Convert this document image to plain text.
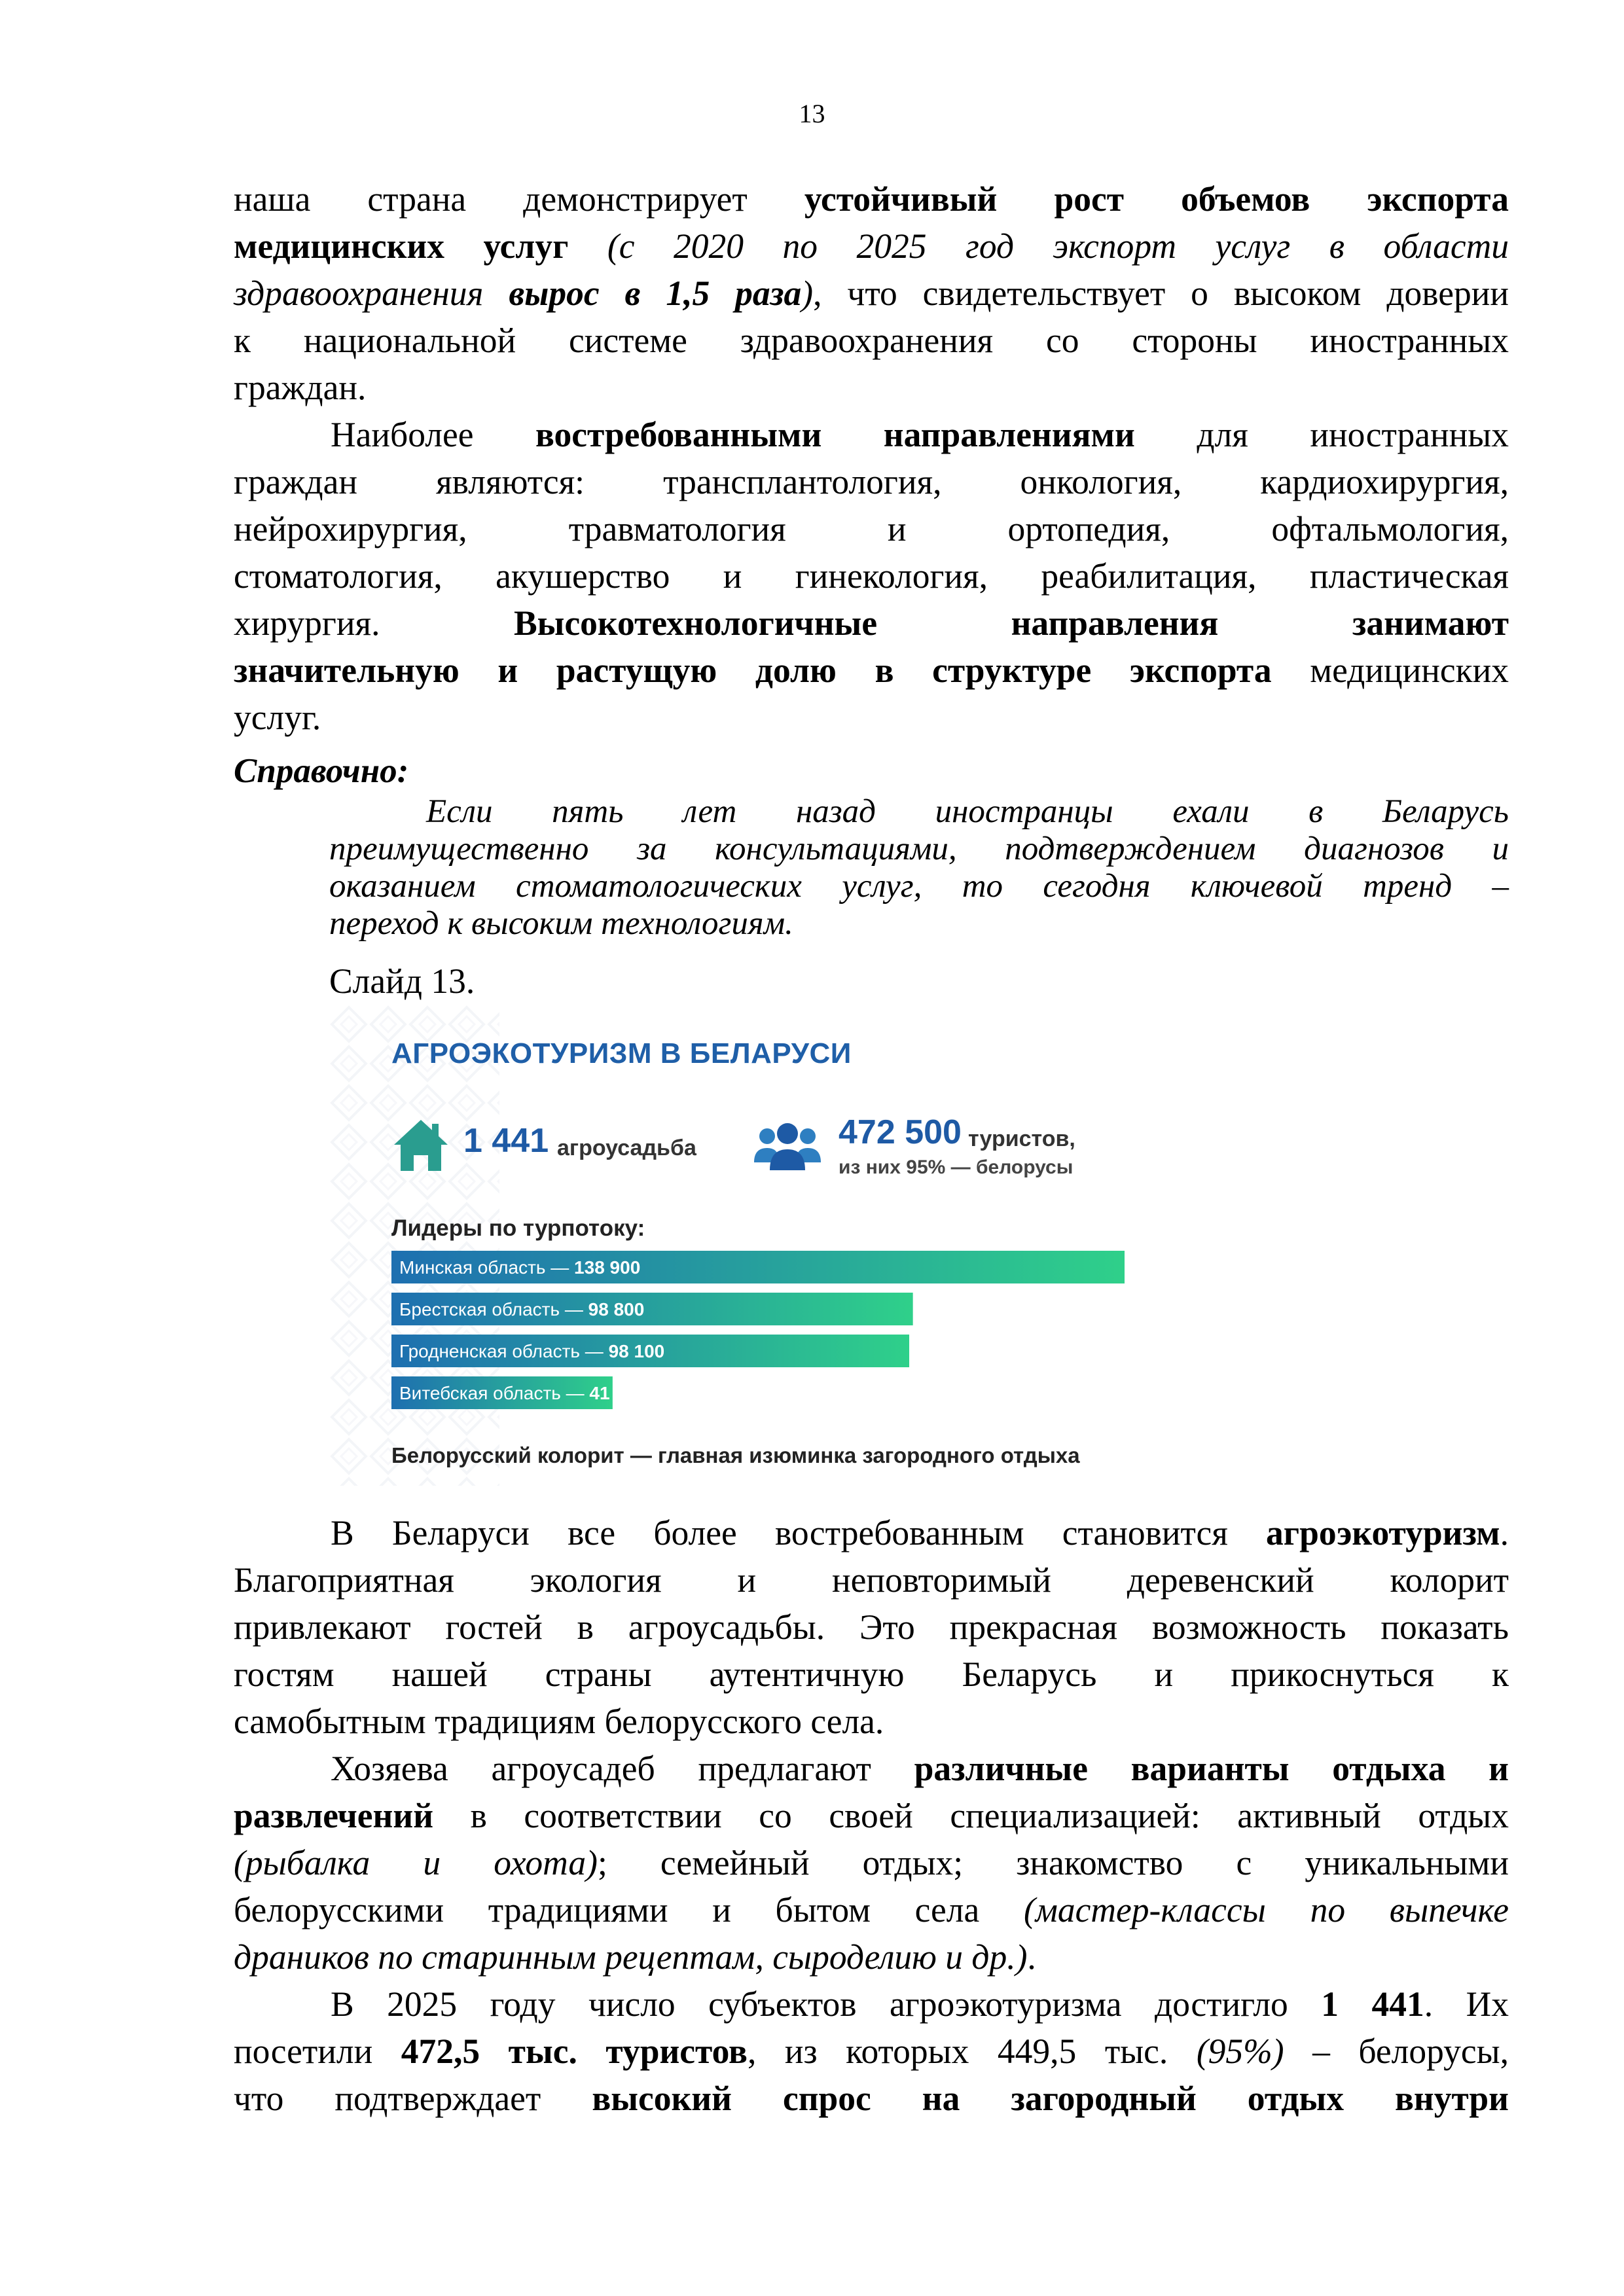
13
наша страна демонстрирует устойчивый рост объемов экспорта
медицинских услуг (с 2020 по 2025 год экспорт услуг в области
здравоохранения вырос в 1,5 раза), что свидетельствует о высоком доверии
к национальной системе здравоохранения со стороны иностранных
граждан.
Наиболее востребованными направлениями для иностранных
граждан являются: трансплантология, онкология, кардиохирургия,
нейрохирургия, травматология и ортопедия, офтальмология,
стоматология, акушерство и гинекология, реабилитация, пластическая
хирургия. Высокотехнологичные направления занимают
значительную и растущую долю в структуре экспорта медицинских
услуг.
Справочно:
Если пять лет назад иностранцы ехали в Беларусь
преимущественно за консультациями, подтверждением диагнозов и
оказанием стоматологических услуг, то сегодня ключевой тренд –
переход к высоким технологиям.
Слайд 13.
АГРОЭКОТУРИЗМ В БЕЛАРУСИ
1 441 агроусадьба	472 500 туристов,
из них 95% — белорусы
Лидеры по турпотоку:
Минская область — 138 900
Брестская область — 98 800
Гродненская область — 98 100
Витебская область — 41 900
Белорусский колорит — главная изюминка загородного отдыха
В Беларуси все более востребованным становится агроэкотуризм.
Благоприятная экология и неповторимый деревенский колорит
привлекают гостей в агроусадьбы. Это прекрасная возможность показать
гостям нашей страны аутентичную Беларусь и прикоснуться к
самобытным традициям белорусского села.
Хозяева агроусадеб предлагают различные варианты отдыха и
развлечений в соответствии со своей специализацией: активный отдых
(рыбалка и охота); семейный отдых; знакомство с уникальными
белорусскими традициями и бытом села (мастер-классы по выпечке
драников по старинным рецептам, сыроделию и др.).
В 2025 году число субъектов агроэкотуризма достигло 1 441. Их
посетили 472,5 тыс. туристов, из которых 449,5 тыс. (95%) – белорусы,
что подтверждает высокий спрос на загородный отдых внутри
